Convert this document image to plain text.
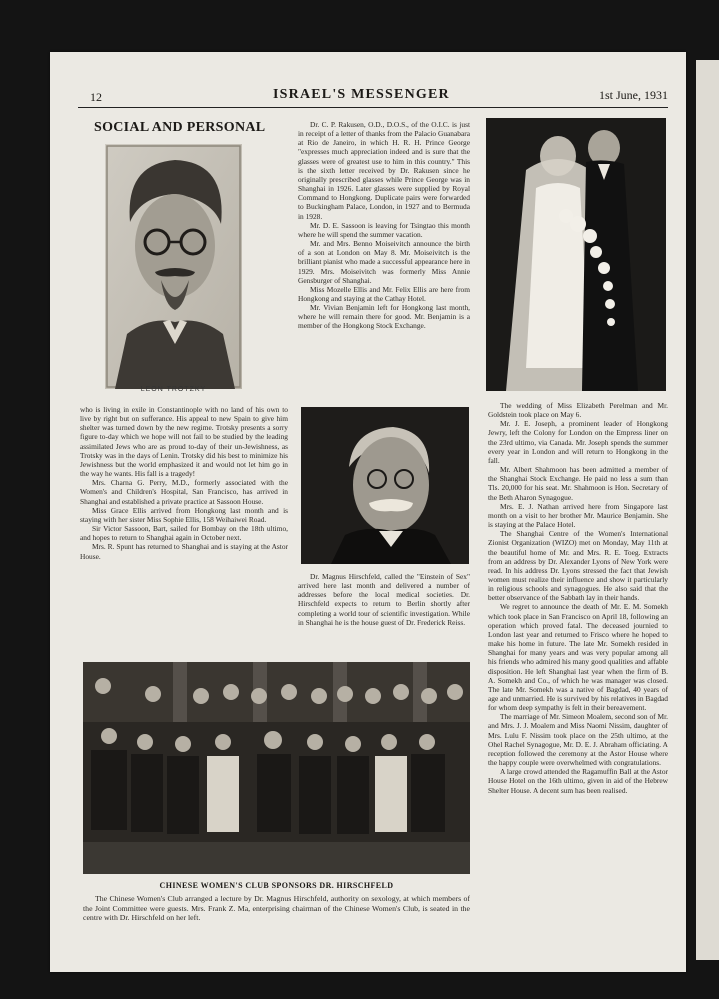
12	ISRAEL'S MESSENGER	1st June, 1931
SOCIAL AND PERSONAL
LEON TROTZKY

who is living in exile in Constantinople with no land of his own to live by right but on sufferance. His appeal to new Spain to give him shelter was turned down by the new regime. Trotsky presents a sorry figure to-day which we hope will not fail to be studied by the leading assimilated Jews who are as proud to-day of their un-Jewishness, as Trotsky was in the days of Lenin. Trotsky did his best to minimize his Jewishness but the world emphasized it and would not let him go in the way he wants. His fall is a tragedy!

Mrs. Charna G. Perry, M.D., formerly associated with the Women's and Children's Hospital, San Francisco, has arrived in Shanghai and established a private practice at Sassoon House.

Miss Grace Ellis arrived from Hongkong last month and is staying with her sister Miss Sophie Ellis, 158 Weihaiwei Road.

Sir Victor Sassoon, Bart, sailed for Bombay on the 18th ultimo, and hopes to return to Shanghai again in October next.

Mrs. R. Spunt has returned to Shanghai and is staying at the Astor House.

Dr. C. P. Rakusen, O.D., D.O.S., of the O.I.C. is just in receipt of a letter of thanks from the Palacio Guanabara at Rio de Janeiro, in which H. R. H. Prince George "expresses much appreciation indeed and is sure that the glasses were of greatest use to him in this country." This is the sixth letter received by Dr. Rakusen since he originally prescribed glasses while Prince George was in Shanghai in 1926. Later glasses were supplied by Royal Command to Hongkong. Duplicate pairs were forwarded to Buckingham Palace, London, in 1927 and to Bermuda in 1928.

Mr. D. E. Sassoon is leaving for Tsingtao this month where he will spend the summer vacation.

Mr. and Mrs. Benno Moiseivitch announce the birth of a son at London on May 8. Mr. Moiseivitch is the brilliant pianist who made a successful appearance here in 1929. Mrs. Moiseivitch was formerly Miss Annie Gensburger of Shanghai.

Miss Mozelle Ellis and Mr. Felix Ellis are here from Hongkong and staying at the Cathay Hotel.

Mr. Vivian Benjamin left for Hongkong last month, where he will remain there for good. Mr. Benjamin is a member of the Hongkong Stock Exchange.

Dr. Magnus Hirschfeld, called the "Einstein of Sex" arrived here last month and delivered a number of addresses before the local medical societies. Dr. Hirschfeld expects to return to Berlin shortly after completing a world tour of scientific investigation. While in Shanghai he is the house guest of Dr. Frederick Reiss.

The wedding of Miss Elizabeth Perelman and Mr. Goldstein took place on May 6.

Mr. J. E. Joseph, a prominent leader of Hongkong Jewry, left the Colony for London on the Empress liner on the 23rd ultimo, via Canada. Mr. Joseph spends the summer every year in London and will return to Hongkong in the fall.

Mr. Albert Shahmoon has been admitted a member of the Shanghai Stock Exchange. He paid no less a sum than Tls. 20,000 for his seat. Mr. Shahmoon is Hon. Secretary of the Beth Aharon Synagogue.

Mrs. E. J. Nathan arrived here from Singapore last month on a visit to her brother Mr. Maurice Benjamin. She is staying at the Palace Hotel.

The Shanghai Centre of the Women's International Zionist Organization (WIZO) met on Monday, May 11th at the beautiful home of Mr. and Mrs. R. E. Toeg. Extracts from an address by Dr. Alexander Lyons of New York were read. In his address Dr. Lyons stressed the fact that Jewish women must realize their influence and show it particularly in religious schools and synagogues. He also said that the better observance of the Sabbath lay in their hands.

We regret to announce the death of Mr. E. M. Somekh which took place in San Francisco on April 18, following an operation which proved fatal. The deceased journied to London last year and returned to Frisco where he hoped to make his home in future. The late Mr. Somekh resided in Shanghai for many years and was very popular among all his friends who admired his many good qualities and affable disposition. He left Shanghai last year when the firm of B. A. Somekh and Co., of which he was manager was closed. The late Mr. Somekh was a native of Bagdad, 40 years of age and unmarried. He is survived by his relatives in Bagdad for whom deep sympathy is felt in their bereavement.

The marriage of Mr. Simeon Moalem, second son of Mr. and Mrs. J. J. Moalem and Miss Naomi Nissim, daughter of Mrs. Lulu F. Nissim took place on the 25th ultimo, at the Ohel Rachel Synagogue, Mr. D. E. J. Abraham officiating. A reception followed the ceremony at the Astor House where the happy couple were overwhelmed with congratulations.

A large crowd attended the Ragamuffin Ball at the Astor House Hotel on the 16th ultimo, given in aid of the Hebrew Shelter House. A decent sum has been realised.

CHINESE WOMEN'S CLUB SPONSORS DR. HIRSCHFELD

The Chinese Women's Club arranged a lecture by Dr. Magnus Hirschfeld, authority on sexology, at which members of the Joint Committee were guests. Mrs. Frank Z. Ma, enterprising chairman of the Chinese Women's Club, is seated in the centre with Dr. Hirschfeld on her left.
